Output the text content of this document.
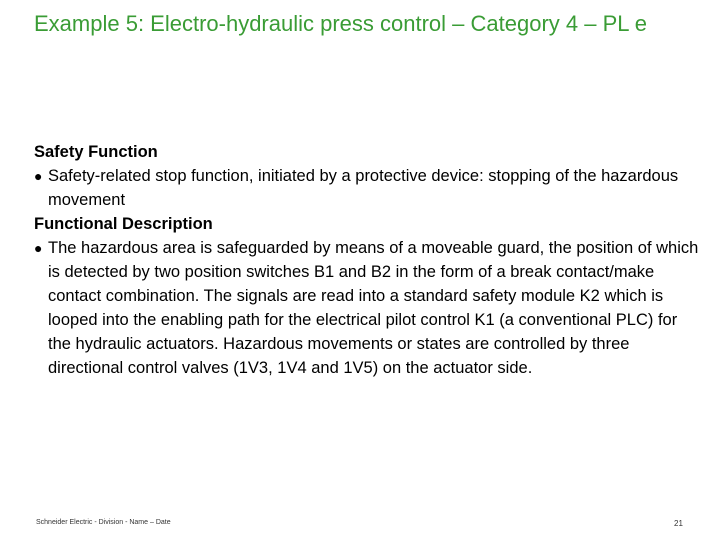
Example 5: Electro-hydraulic press control – Category 4 – PL e
Safety Function
● Safety-related stop function, initiated by a protective device: stopping of the hazardous movement
Functional Description
● The hazardous area is safeguarded by means of a moveable guard, the position of which is detected by two position switches B1 and B2 in the form of a break contact/make contact combination. The signals are read into a standard safety module K2 which is looped into the enabling path for the electrical pilot control K1 (a conventional PLC) for the hydraulic actuators. Hazardous movements or states are controlled by three directional control valves (1V3, 1V4 and 1V5) on the actuator side.
Schneider Electric - Division - Name – Date	21
